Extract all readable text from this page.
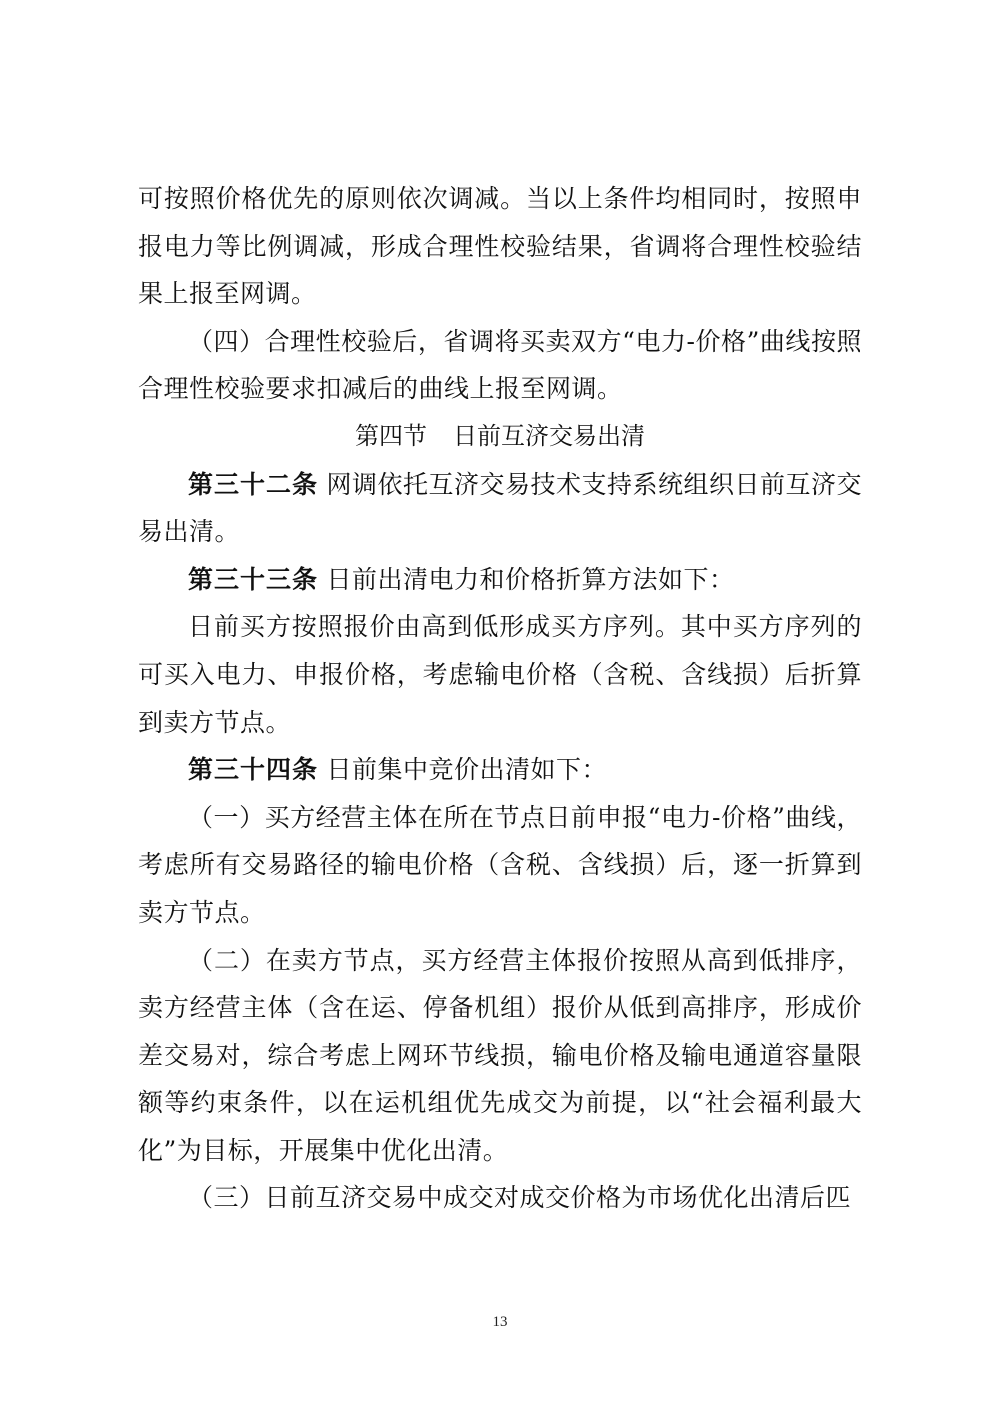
可按照价格优先的原则依次调减。当以上条件均相同时，按照申报电力等比例调减，形成合理性校验结果，省调将合理性校验结果上报至网调。

（四）合理性校验后，省调将买卖双方“电力-价格”曲线按照合理性校验要求扣减后的曲线上报至网调。

第四节 日前互济交易出清

第三十二条 网调依托互济交易技术支持系统组织日前互济交易出清。

第三十三条 日前出清电力和价格折算方法如下：

日前买方按照报价由高到低形成买方序列。其中买方序列的可买入电力、申报价格，考虑输电价格（含税、含线损）后折算到卖方节点。

第三十四条 日前集中竞价出清如下：

（一）买方经营主体在所在节点日前申报“电力-价格”曲线，考虑所有交易路径的输电价格（含税、含线损）后，逐一折算到卖方节点。

（二）在卖方节点，买方经营主体报价按照从高到低排序，卖方经营主体（含在运、停备机组）报价从低到高排序，形成价差交易对，综合考虑上网环节线损，输电价格及输电通道容量限额等约束条件，以在运机组优先成交为前提，以“社会福利最大化”为目标，开展集中优化出清。

（三）日前互济交易中成交对成交价格为市场优化出清后匹

13
